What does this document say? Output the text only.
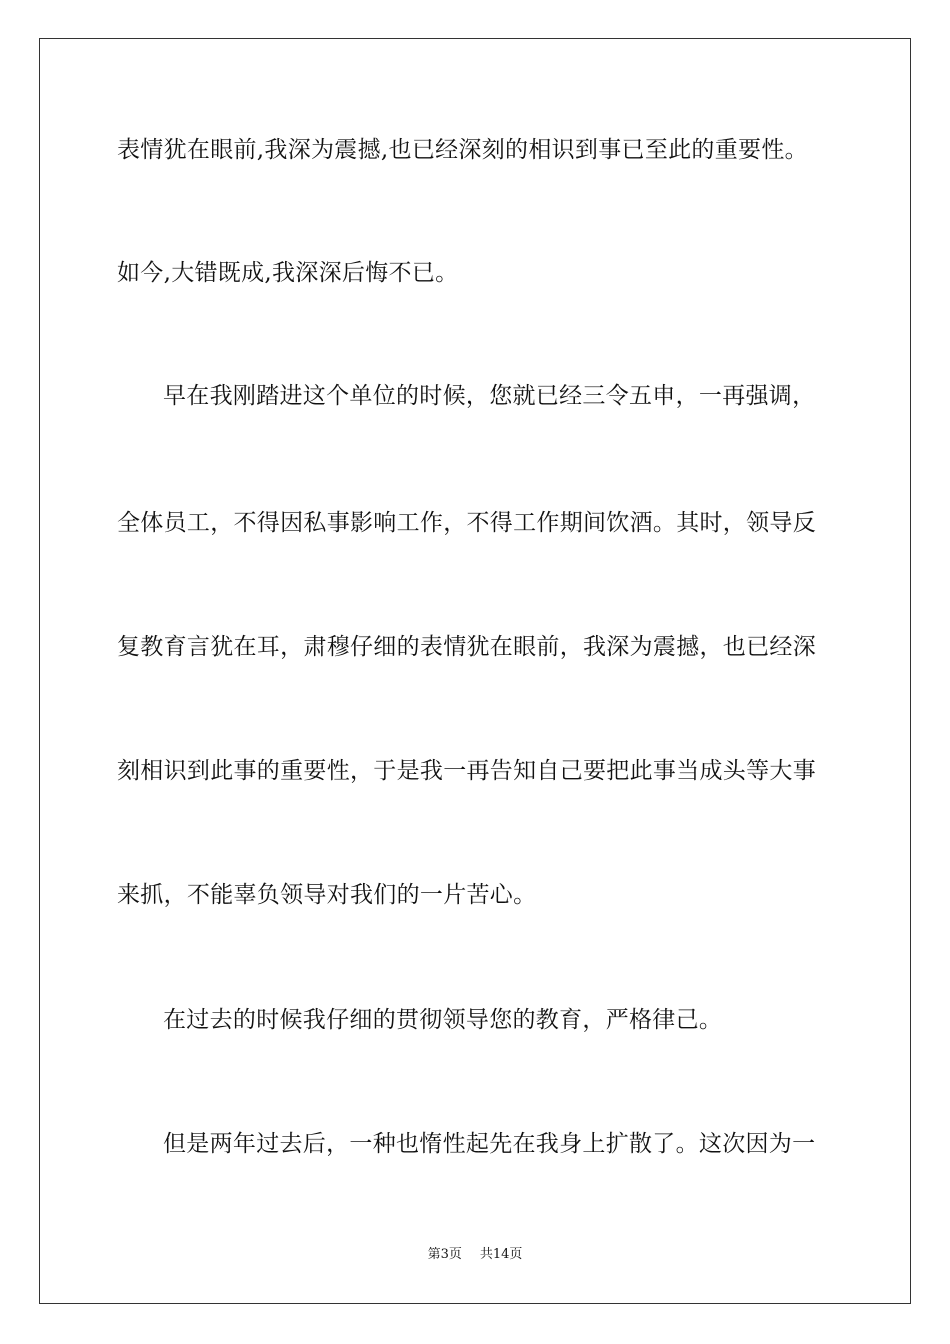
表情犹在眼前,我深为震撼,也已经深刻的相识到事已至此的重要性。
如今,大错既成,我深深后悔不已。
早在我刚踏进这个单位的时候，您就已经三令五申，一再强调，
全体员工，不得因私事影响工作，不得工作期间饮酒。其时，领导反
复教育言犹在耳，肃穆仔细的表情犹在眼前，我深为震撼，也已经深
刻相识到此事的重要性，于是我一再告知自己要把此事当成头等大事
来抓，不能辜负领导对我们的一片苦心。
在过去的时候我仔细的贯彻领导您的教育，严格律己。
但是两年过去后，一种也惰性起先在我身上扩散了。这次因为一
第3页 共14页
